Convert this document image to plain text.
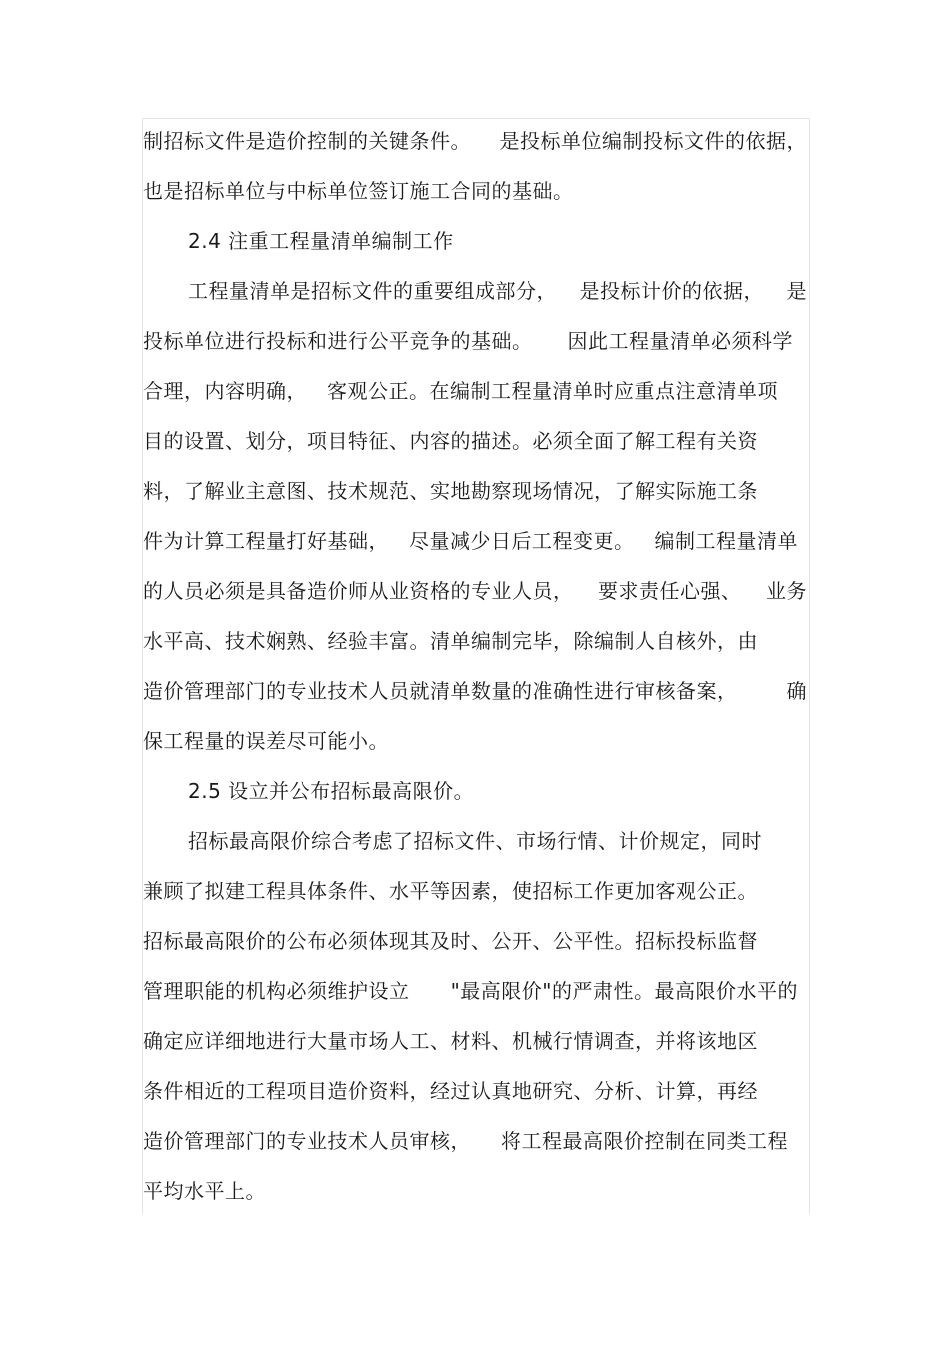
制招标文件是造价控制的关键条件。 是投标单位编制投标文件的依据，
也是招标单位与中标单位签订施工合同的基础。
2.4 注重工程量清单编制工作
工程量清单是招标文件的重要组成部分， 是投标计价的依据， 是
投标单位进行投标和进行公平竞争的基础。 因此工程量清单必须科学
合理，内容明确， 客观公正。在编制工程量清单时应重点注意清单项
目的设置、划分，项目特征、内容的描述。必须全面了解工程有关资
料，了解业主意图、技术规范、实地勘察现场情况，了解实际施工条
件为计算工程量打好基础， 尽量减少日后工程变更。 编制工程量清单
的人员必须是具备造价师从业资格的专业人员， 要求责任心强、 业务
水平高、技术娴熟、经验丰富。清单编制完毕，除编制人自核外，由
造价管理部门的专业技术人员就清单数量的准确性进行审核备案， 确
保工程量的误差尽可能小。
2.5 设立并公布招标最高限价。
招标最高限价综合考虑了招标文件、市场行情、计价规定，同时
兼顾了拟建工程具体条件、水平等因素，使招标工作更加客观公正。
招标最高限价的公布必须体现其及时、公开、公平性。招标投标监督
管理职能的机构必须维护设立 "最高限价"的严肃性。最高限价水平的
确定应详细地进行大量市场人工、材料、机械行情调查，并将该地区
条件相近的工程项目造价资料，经过认真地研究、分析、计算，再经
造价管理部门的专业技术人员审核， 将工程最高限价控制在同类工程
平均水平上。
